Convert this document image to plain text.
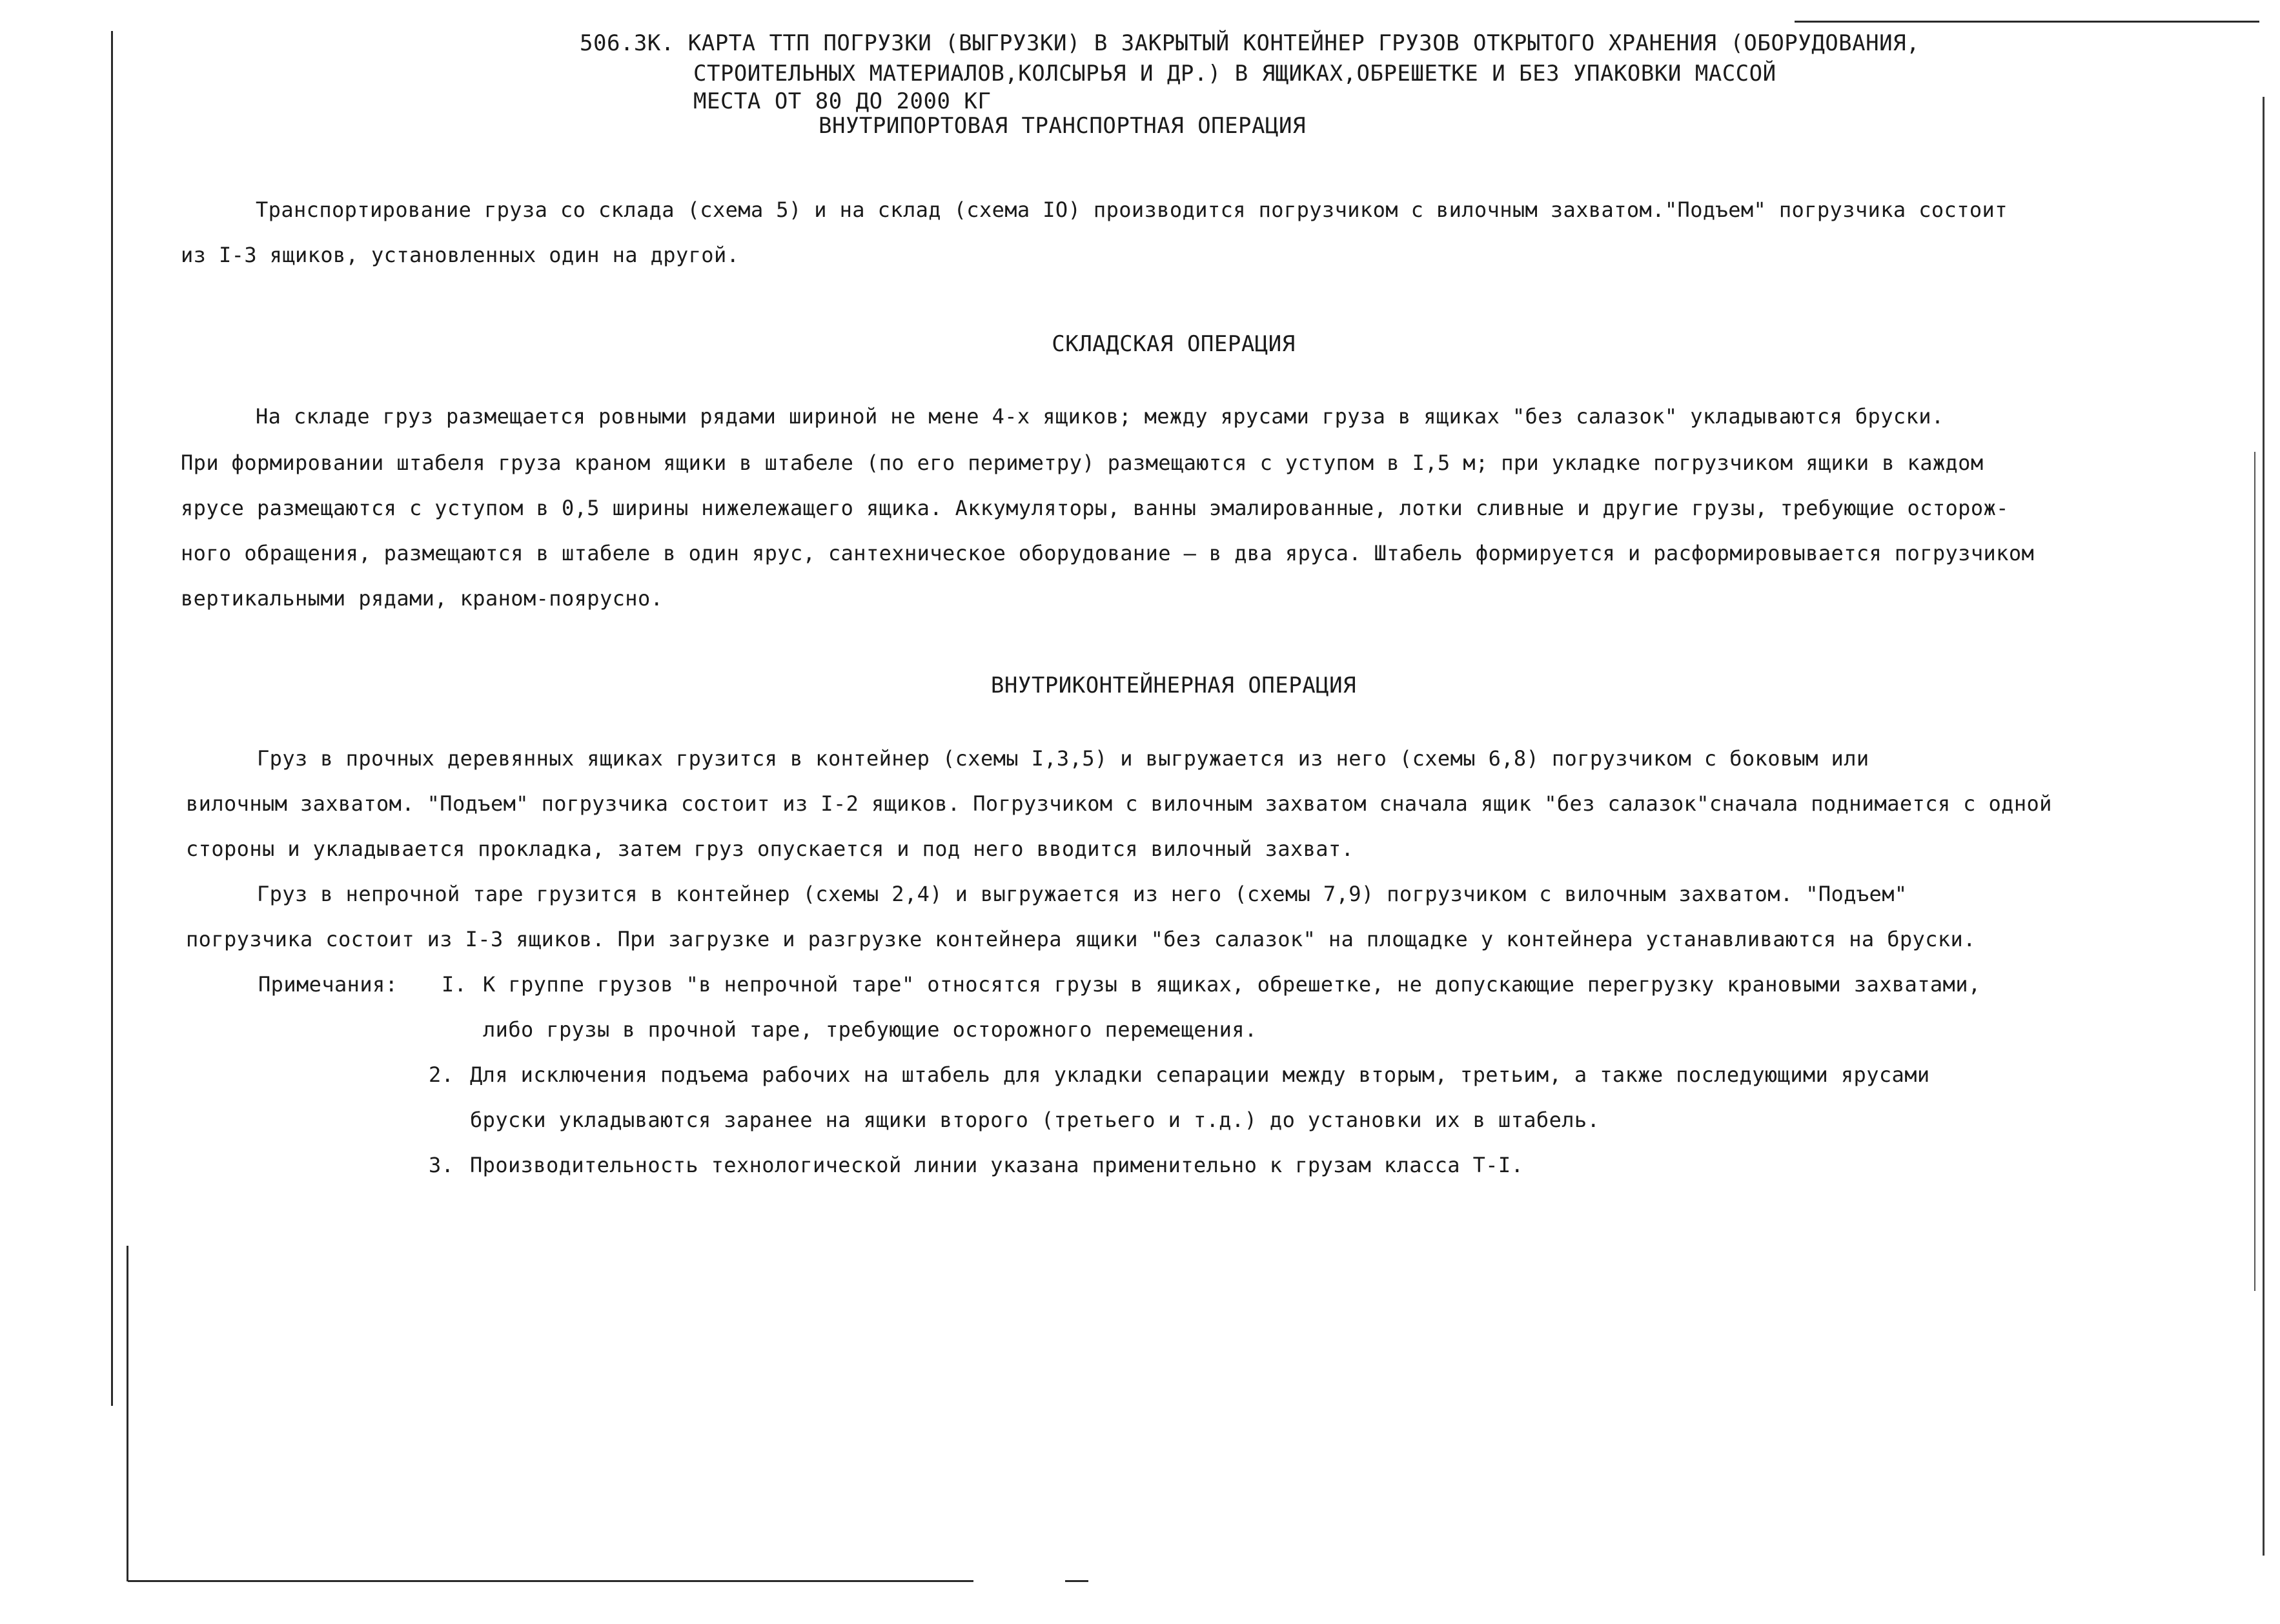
506.3К. КАРТА ТТП ПОГРУЗКИ (ВЫГРУЗКИ) В ЗАКРЫТЫЙ КОНТЕЙНЕР ГРУЗОВ ОТКРЫТОГО ХРАНЕНИЯ (ОБОРУДОВАНИЯ,
СТРОИТЕЛЬНЫХ МАТЕРИАЛОВ,КОЛСЫРЬЯ И ДР.) В ЯЩИКАХ,ОБРЕШЕТКЕ И БЕЗ УПАКОВКИ МАССОЙ
МЕСТА ОТ 80 ДО 2000 КГ
ВНУТРИПОРТОВАЯ ТРАНСПОРТНАЯ ОПЕРАЦИЯ
Транспортирование груза со склада (схема 5) и на склад (схема IO) производится погрузчиком с вилочным захватом."Подъем" погрузчика состоит
из I-3 ящиков, установленных один на другой.
СКЛАДСКАЯ ОПЕРАЦИЯ
На складе груз размещается ровными рядами шириной не мене 4-х ящиков; между ярусами груза в ящиках "без салазок" укладываются бруски.
При формировании штабеля груза краном ящики в штабеле (по его периметру) размещаются с уступом в I,5 м; при укладке погрузчиком ящики в каждом
ярусе размещаются с уступом в 0,5 ширины нижележащего ящика. Аккумуляторы, ванны эмалированные, лотки сливные и другие грузы, требующие осторож-
ного обращения, размещаются в штабеле в один ярус, сантехническое оборудование – в два яруса. Штабель формируется и расформировывается погрузчиком
вертикальными рядами, краном-поярусно.
ВНУТРИКОНТЕЙНЕРНАЯ ОПЕРАЦИЯ
Груз в прочных деревянных ящиках грузится в контейнер (схемы I,3,5) и выгружается из него (схемы 6,8) погрузчиком с боковым или
вилочным захватом. "Подъем" погрузчика состоит из I-2 ящиков. Погрузчиком с вилочным захватом сначала ящик "без салазок"сначала поднимается с одной
стороны и укладывается прокладка, затем груз опускается и под него вводится вилочный захват.
Груз в непрочной таре грузится в контейнер (схемы 2,4) и выгружается из него (схемы 7,9) погрузчиком с вилочным захватом. "Подъем"
погрузчика состоит из I-3 ящиков. При загрузке и разгрузке контейнера ящики "без салазок" на площадке у контейнера устанавливаются на бруски.
Примечания:	I. К группе грузов "в непрочной таре" относятся грузы в ящиках, обрешетке, не допускающие перегрузку крановыми захватами,
либо грузы в прочной таре, требующие осторожного перемещения.
2. Для исключения подъема рабочих на штабель для укладки сепарации между вторым, третьим, а также последующими ярусами
бруски укладываются заранее на ящики второго (третьего и т.д.) до установки их в штабель.
3. Производительность технологической линии указана применительно к грузам класса Т-I.
